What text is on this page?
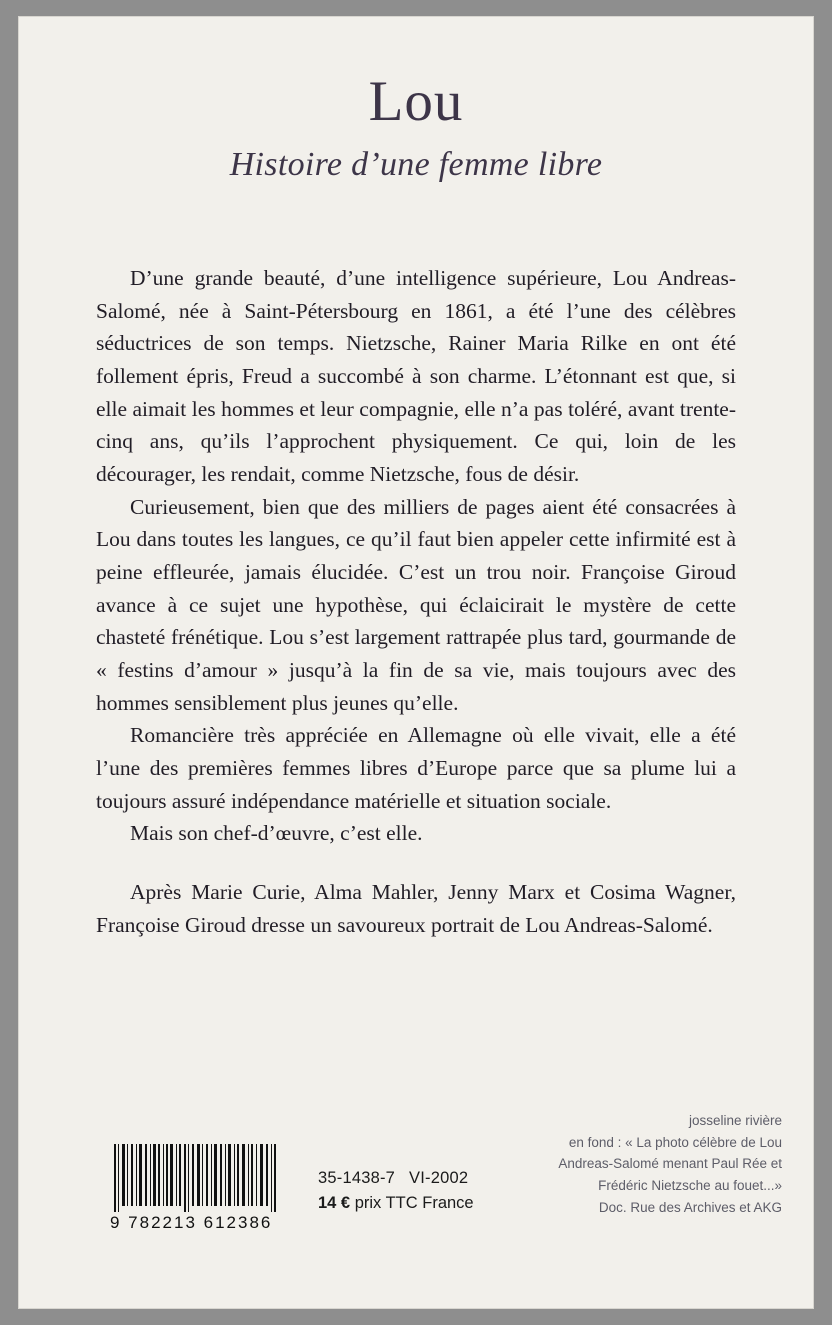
Lou
Histoire d’une femme libre

D’une grande beauté, d’une intelligence supérieure, Lou Andreas-Salomé, née à Saint-Pétersbourg en 1861, a été l’une des célèbres séductrices de son temps. Nietzsche, Rainer Maria Rilke en ont été follement épris, Freud a succombé à son charme. L’étonnant est que, si elle aimait les hommes et leur compagnie, elle n’a pas toléré, avant trente-cinq ans, qu’ils l’approchent physiquement. Ce qui, loin de les décourager, les rendait, comme Nietzsche, fous de désir.

Curieusement, bien que des milliers de pages aient été consacrées à Lou dans toutes les langues, ce qu’il faut bien appeler cette infirmité est à peine effleurée, jamais élucidée. C’est un trou noir. Françoise Giroud avance à ce sujet une hypothèse, qui éclaicirait le mystère de cette chasteté frénétique. Lou s’est largement rattrapée plus tard, gourmande de « festins d’amour » jusqu’à la fin de sa vie, mais toujours avec des hommes sensiblement plus jeunes qu’elle.

Romancière très appréciée en Allemagne où elle vivait, elle a été l’une des premières femmes libres d’Europe parce que sa plume lui a toujours assuré indépendance matérielle et situation sociale.

Mais son chef-d’œuvre, c’est elle.

Après Marie Curie, Alma Mahler, Jenny Marx et Cosima Wagner, Françoise Giroud dresse un savoureux portrait de Lou Andreas-Salomé.

9 782213 612386
35-1438-7 VI-2002
14 € prix TTC France
josseline rivière
en fond : « La photo célèbre de Lou
Andreas-Salomé menant Paul Rée et
Frédéric Nietzsche au fouet...»
Doc. Rue des Archives et AKG
